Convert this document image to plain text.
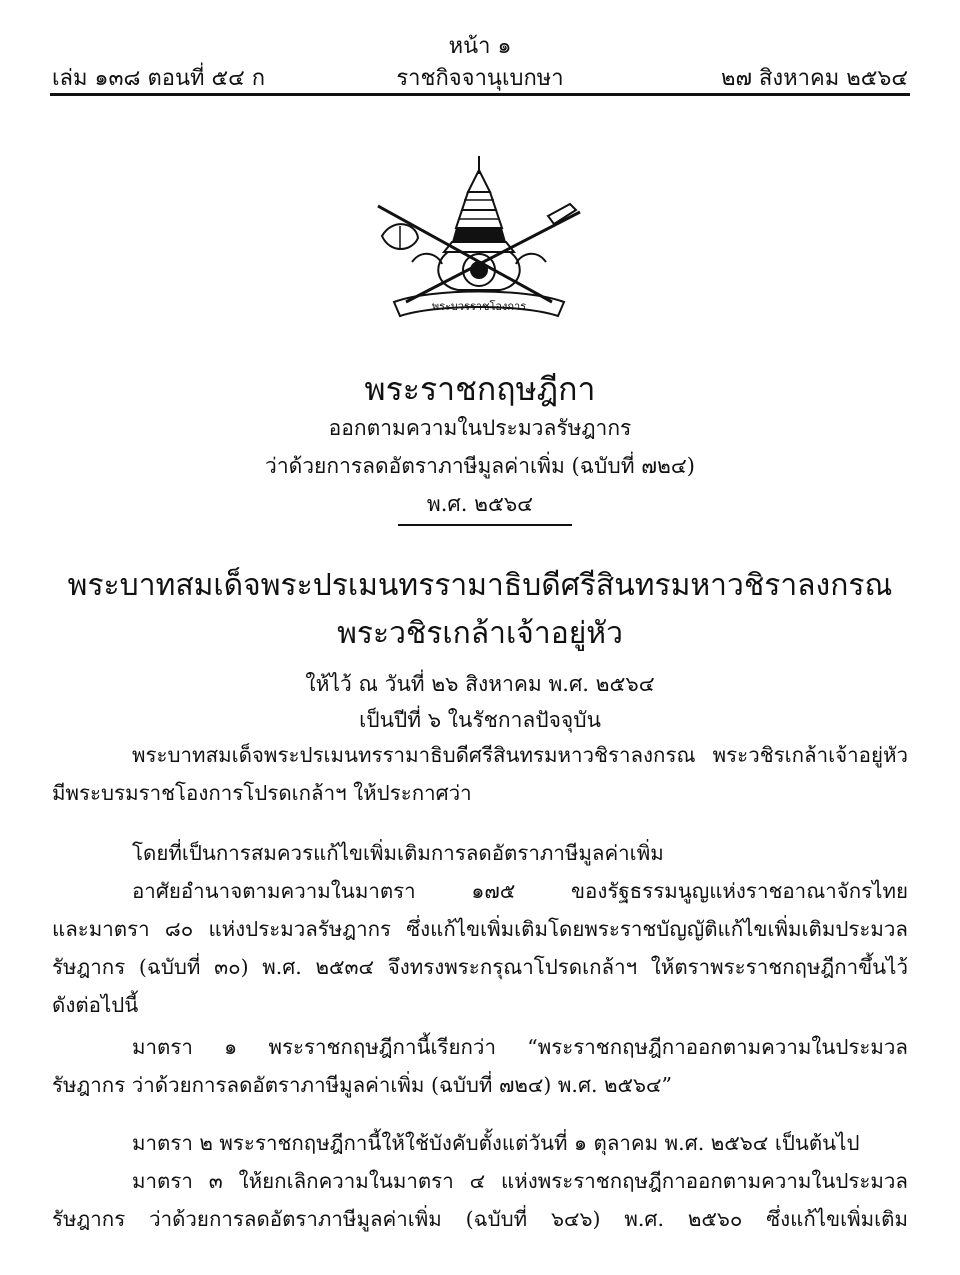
หน้า ๑
เล่ม ๑๓๘ ตอนที่ ๕๔ ก	ราชกิจจานุเบกษา	๒๗ สิงหาคม ๒๕๖๔
พระบวรราชโองการ
พระราชกฤษฎีกา
ออกตามความในประมวลรัษฎากร
ว่าด้วยการลดอัตราภาษีมูลค่าเพิ่ม (ฉบับที่ ๗๒๔)
พ.ศ. ๒๕๖๔
พระบาทสมเด็จพระปรเมนทรรามาธิบดีศรีสินทรมหาวชิราลงกรณ
พระวชิรเกล้าเจ้าอยู่หัว
ให้ไว้ ณ วันที่ ๒๖ สิงหาคม พ.ศ. ๒๕๖๔
เป็นปีที่ ๖ ในรัชกาลปัจจุบัน
พระบาทสมเด็จพระปรเมนทรรามาธิบดีศรีสินทรมหาวชิราลงกรณ พระวชิรเกล้าเจ้าอยู่หัว
มีพระบรมราชโองการโปรดเกล้าฯ ให้ประกาศว่า
โดยที่เป็นการสมควรแก้ไขเพิ่มเติมการลดอัตราภาษีมูลค่าเพิ่ม
อาศัยอำนาจตามความในมาตรา ๑๗๕ ของรัฐธรรมนูญแห่งราชอาณาจักรไทย
และมาตรา ๘๐ แห่งประมวลรัษฎากร ซึ่งแก้ไขเพิ่มเติมโดยพระราชบัญญัติแก้ไขเพิ่มเติมประมวล
รัษฎากร (ฉบับที่ ๓๐) พ.ศ. ๒๕๓๔ จึงทรงพระกรุณาโปรดเกล้าฯ ให้ตราพระราชกฤษฎีกาขึ้นไว้
ดังต่อไปนี้
มาตรา ๑ พระราชกฤษฎีกานี้เรียกว่า “พระราชกฤษฎีกาออกตามความในประมวล
รัษฎากร ว่าด้วยการลดอัตราภาษีมูลค่าเพิ่ม (ฉบับที่ ๗๒๔) พ.ศ. ๒๕๖๔”
มาตรา ๒ พระราชกฤษฎีกานี้ให้ใช้บังคับตั้งแต่วันที่ ๑ ตุลาคม พ.ศ. ๒๕๖๔ เป็นต้นไป
มาตรา ๓ ให้ยกเลิกความในมาตรา ๔ แห่งพระราชกฤษฎีกาออกตามความในประมวล
รัษฎากร ว่าด้วยการลดอัตราภาษีมูลค่าเพิ่ม (ฉบับที่ ๖๔๖) พ.ศ. ๒๕๖๐ ซึ่งแก้ไขเพิ่มเติม
